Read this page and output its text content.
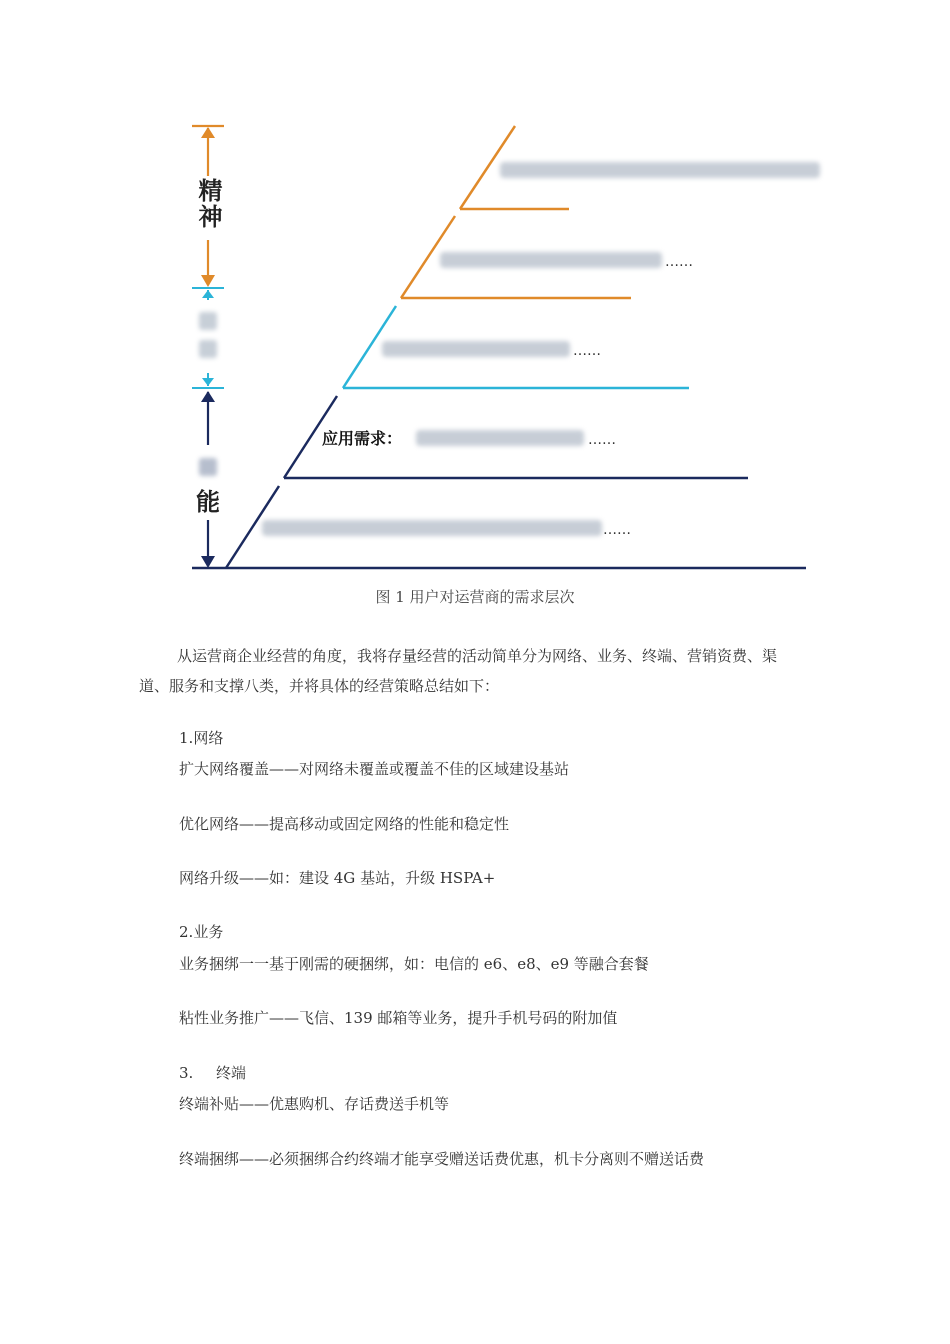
精神
能
……
……
应用需求：	……
……
图 1 用户对运营商的需求层次
从运营商企业经营的角度，我将存量经营的活动简单分为网络、业务、终端、营销资费、渠道、服务和支撑八类，并将具体的经营策略总结如下：
1.网络
扩大网络覆盖——对网络未覆盖或覆盖不佳的区域建设基站
优化网络——提高移动或固定网络的性能和稳定性
网络升级——如：建设 4G 基站，升级 HSPA+
2.业务
业务捆绑一一基于刚需的硬捆绑，如：电信的 e6、e8、e9 等融合套餐
粘性业务推广——飞信、139 邮箱等业务，提升手机号码的附加值
3. 终端
终端补贴——优惠购机、存话费送手机等
终端捆绑——必须捆绑合约终端才能享受赠送话费优惠，机卡分离则不赠送话费
